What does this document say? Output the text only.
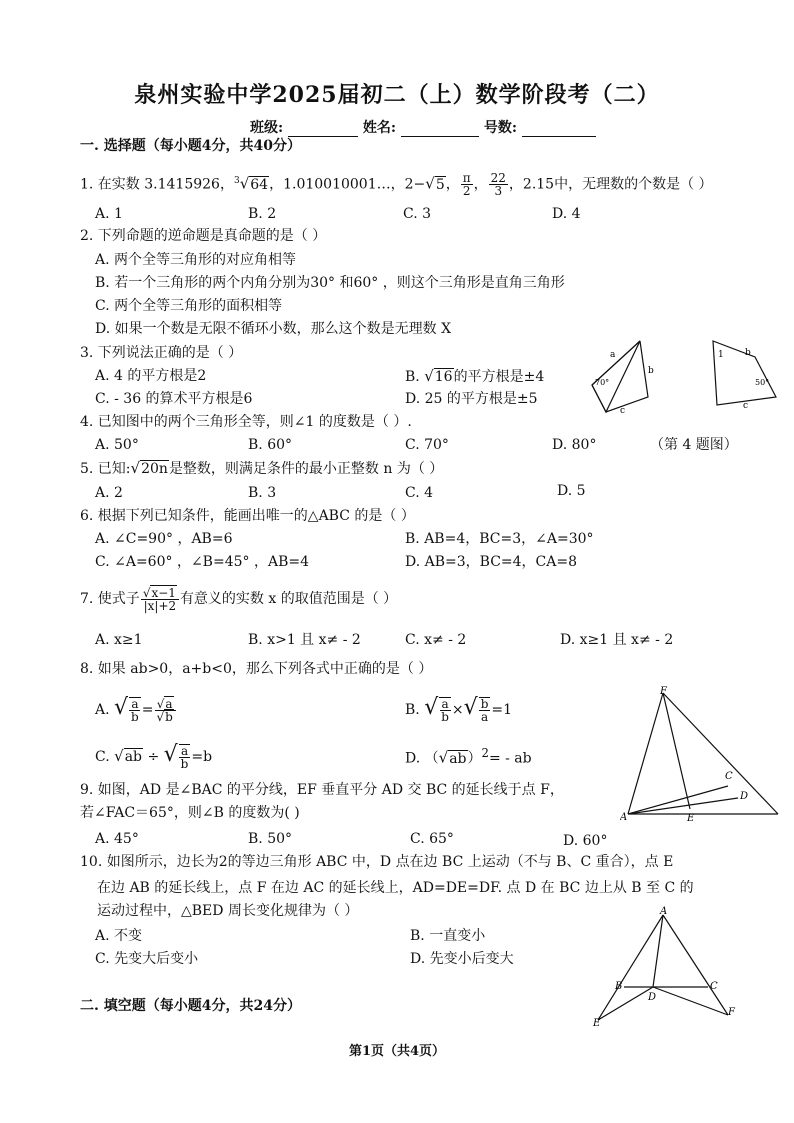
泉州实验中学2025届初二（上）数学阶段考（二）
班级:	姓名:	号数:
一. 选择题（每小题4分，共40分）
1. 在实数 3.1415926，$^3$√64，1.010010001…，2−√5， $\frac{\pi}{2}$ ， $\frac{22}{3}$ ，2.15中，无理数的个数是（ ）
A. 1	B. 2	C. 3	D. 4
2. 下列命题的逆命题是真命题的是（ ）
A. 两个全等三角形的对应角相等
B. 若一个三角形的两个内角分别为30° 和60° ，则这个三角形是直角三角形
C. 两个全等三角形的面积相等
D. 如果一个数是无限不循环小数，那么这个数是无理数 X
3. 下列说法正确的是（ ）
A. 4 的平方根是2	B. √16的平方根是±4
C. - 36 的算术平方根是6	D. 25 的平方根是±5
a
b
c
70°
1 b
50°
c
4. 已知图中的两个三角形全等，则∠1 的度数是（ ）.
A. 50°	B. 60°	C. 70°	D. 80°	（第 4 题图）
5. 已知:√20n是整数，则满足条件的最小正整数 n 为（ ）
A. 2	B. 3	C. 4	D. 5
6. 根据下列已知条件，能画出唯一的△ABC 的是（ ）
A. ∠C=90° ，AB=6	B. AB=4，BC=3，∠A=30°
C. ∠A=60° ，∠B=45° ，AB=4	D. AB=3，BC=4，CA=8
7. 使式子 $\frac{√x-1}{|x|+2}$ 有意义的实数 x 的取值范围是（ ）
A. x≥1	B. x>1 且 x≠ - 2	C. x≠ - 2	D. x≥1 且 x≠ - 2
8. 如果 ab>0，a+b<0，那么下列各式中正确的是（ ）
A. √ $\frac{a}{b} = \frac{√a}{√b}$	B. √ $\frac{a}{b}$ ×√ $\frac{b}{a} =1$
C. √ab ÷ √ $\frac{a}{b} =b$	D. $(√ab)^2=$ - ab
F
A
C
D
E
9. 如图，AD 是∠BAC 的平分线，EF 垂直平分 AD 交 BC 的延长线于点 F，
若∠FAC＝65°，则∠B 的度数为( )
A. 45°	B. 50°	C. 65°	D. 60°
10. 如图所示，边长为2的等边三角形 ABC 中，D 点在边 BC 上运动（不与 B、C 重合），点 E
在边 AB 的延长线上，点 F 在边 AC 的延长线上，AD=DE=DF. 点 D 在 BC 边上从 B 至 C 的
运动过程中，△BED 周长变化规律为（ ）
A. 不变	B. 一直变小
C. 先变大后变小	D. 先变小后变大
A
B	C
D
E
F
二. 填空题（每小题4分，共24分）
第1页（共4页）
